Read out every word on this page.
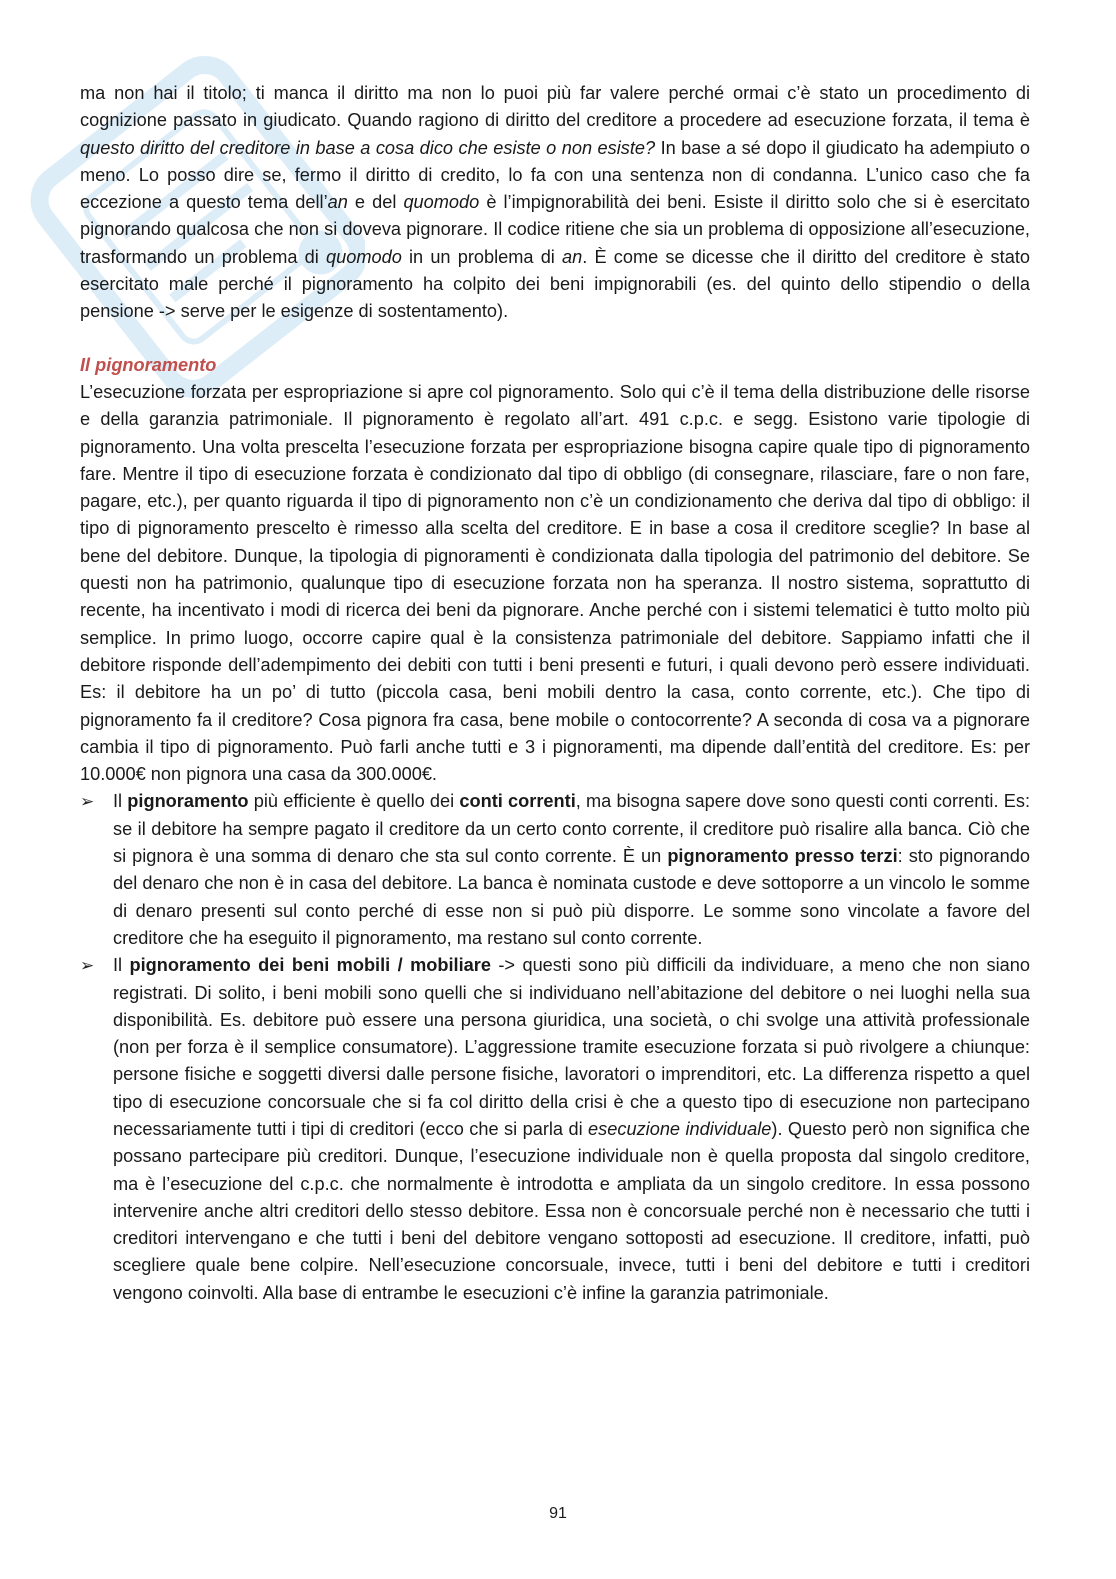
ma non hai il titolo; ti manca il diritto ma non lo puoi più far valere perché ormai c’è stato un procedimento di cognizione passato in giudicato. Quando ragiono di diritto del creditore a procedere ad esecuzione forzata, il tema è questo diritto del creditore in base a cosa dico che esiste o non esiste? In base a sé dopo il giudicato ha adempiuto o meno. Lo posso dire se, fermo il diritto di credito, lo fa con una sentenza non di condanna. L’unico caso che fa eccezione a questo tema dell’an e del quomodo è l’impignorabilità dei beni. Esiste il diritto solo che si è esercitato pignorando qualcosa che non si doveva pignorare. Il codice ritiene che sia un problema di opposizione all’esecuzione, trasformando un problema di quomodo in un problema di an. È come se dicesse che il diritto del creditore è stato esercitato male perché il pignoramento ha colpito dei beni impignorabili (es. del quinto dello stipendio o della pensione -> serve per le esigenze di sostentamento).

Il pignoramento

L’esecuzione forzata per espropriazione si apre col pignoramento. Solo qui c’è il tema della distribuzione delle risorse e della garanzia patrimoniale. Il pignoramento è regolato all’art. 491 c.p.c. e segg. Esistono varie tipologie di pignoramento. Una volta prescelta l’esecuzione forzata per espropriazione bisogna capire quale tipo di pignoramento fare. Mentre il tipo di esecuzione forzata è condizionato dal tipo di obbligo (di consegnare, rilasciare, fare o non fare, pagare, etc.), per quanto riguarda il tipo di pignoramento non c’è un condizionamento che deriva dal tipo di obbligo: il tipo di pignoramento prescelto è rimesso alla scelta del creditore. E in base a cosa il creditore sceglie? In base al bene del debitore. Dunque, la tipologia di pignoramenti è condizionata dalla tipologia del patrimonio del debitore. Se questi non ha patrimonio, qualunque tipo di esecuzione forzata non ha speranza. Il nostro sistema, soprattutto di recente, ha incentivato i modi di ricerca dei beni da pignorare. Anche perché con i sistemi telematici è tutto molto più semplice. In primo luogo, occorre capire qual è la consistenza patrimoniale del debitore. Sappiamo infatti che il debitore risponde dell’adempimento dei debiti con tutti i beni presenti e futuri, i quali devono però essere individuati. Es: il debitore ha un po’ di tutto (piccola casa, beni mobili dentro la casa, conto corrente, etc.). Che tipo di pignoramento fa il creditore? Cosa pignora fra casa, bene mobile o contocorrente? A seconda di cosa va a pignorare cambia il tipo di pignoramento. Può farli anche tutti e 3 i pignoramenti, ma dipende dall’entità del creditore. Es: per 10.000€ non pignora una casa da 300.000€.

➢	Il pignoramento più efficiente è quello dei conti correnti, ma bisogna sapere dove sono questi conti correnti. Es: se il debitore ha sempre pagato il creditore da un certo conto corrente, il creditore può risalire alla banca. Ciò che si pignora è una somma di denaro che sta sul conto corrente. È un pignoramento presso terzi: sto pignorando del denaro che non è in casa del debitore. La banca è nominata custode e deve sottoporre a un vincolo le somme di denaro presenti sul conto perché di esse non si può più disporre. Le somme sono vincolate a favore del creditore che ha eseguito il pignoramento, ma restano sul conto corrente.
➢	Il pignoramento dei beni mobili / mobiliare -> questi sono più difficili da individuare, a meno che non siano registrati. Di solito, i beni mobili sono quelli che si individuano nell’abitazione del debitore o nei luoghi nella sua disponibilità. Es. debitore può essere una persona giuridica, una società, o chi svolge una attività professionale (non per forza è il semplice consumatore). L’aggressione tramite esecuzione forzata si può rivolgere a chiunque: persone fisiche e soggetti diversi dalle persone fisiche, lavoratori o imprenditori, etc. La differenza rispetto a quel tipo di esecuzione concorsuale che si fa col diritto della crisi è che a questo tipo di esecuzione non partecipano necessariamente tutti i tipi di creditori (ecco che si parla di esecuzione individuale). Questo però non significa che possano partecipare più creditori. Dunque, l’esecuzione individuale non è quella proposta dal singolo creditore, ma è l’esecuzione del c.p.c. che normalmente è introdotta e ampliata da un singolo creditore. In essa possono intervenire anche altri creditori dello stesso debitore. Essa non è concorsuale perché non è necessario che tutti i creditori intervengano e che tutti i beni del debitore vengano sottoposti ad esecuzione. Il creditore, infatti, può scegliere quale bene colpire. Nell’esecuzione concorsuale, invece, tutti i beni del debitore e tutti i creditori vengono coinvolti. Alla base di entrambe le esecuzioni c’è infine la garanzia patrimoniale.
91
